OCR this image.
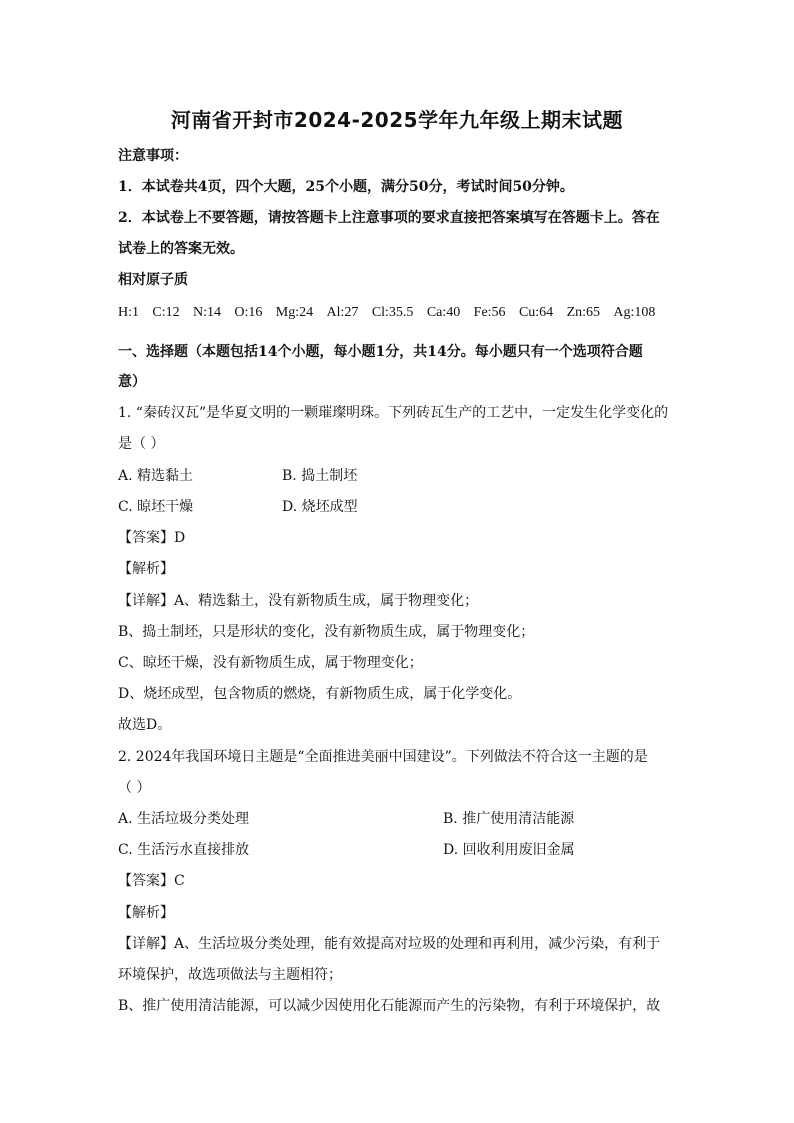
河南省开封市2024-2025学年九年级上期末试题
注意事项：
1．本试卷共4页，四个大题，25个小题，满分50分，考试时间50分钟。
2．本试卷上不要答题，请按答题卡上注意事项的要求直接把答案填写在答题卡上。答在
试卷上的答案无效。
相对原子质
H:1 C:12 N:14 O:16 Mg:24 Al:27 Cl:35.5 Ca:40 Fe:56 Cu:64 Zn:65 Ag:108
一、选择题（本题包括14个小题，每小题1分，共14分。每小题只有一个选项符合题
意）
1. “秦砖汉瓦”是华夏文明的一颗璀璨明珠。下列砖瓦生产的工艺中，一定发生化学变化的
是（ ）
A. 精选黏土	B. 捣土制坯
C. 晾坯干燥	D. 烧坯成型
【答案】D
【解析】
【详解】A、精选黏土，没有新物质生成，属于物理变化；
B、捣土制坯，只是形状的变化，没有新物质生成，属于物理变化；
C、晾坯干燥，没有新物质生成，属于物理变化；
D、烧坯成型，包含物质的燃烧，有新物质生成，属于化学变化。
故选D。
2. 2024年我国环境日主题是“全面推进美丽中国建设”。下列做法不符合这一主题的是
（ ）
A. 生活垃圾分类处理	B. 推广使用清洁能源
C. 生活污水直接排放	D. 回收利用废旧金属
【答案】C
【解析】
【详解】A、生活垃圾分类处理，能有效提高对垃圾的处理和再利用，减少污染，有利于
环境保护，故选项做法与主题相符；
B、推广使用清洁能源，可以减少因使用化石能源而产生的污染物，有利于环境保护，故
